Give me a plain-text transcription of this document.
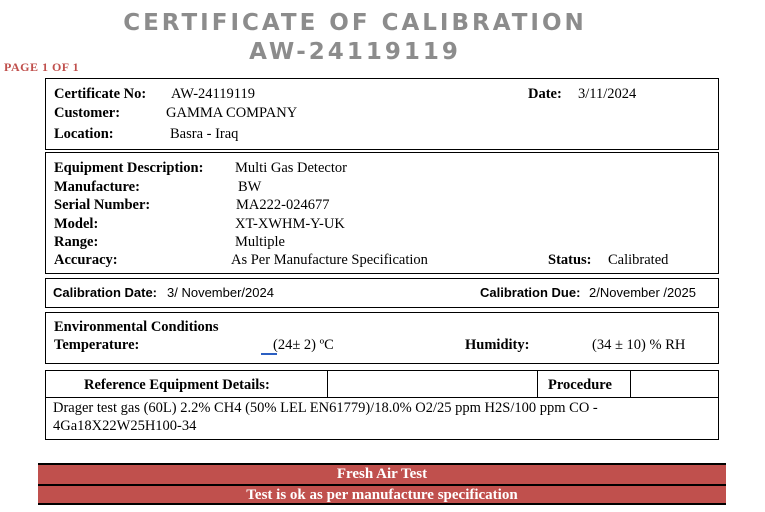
CERTIFICATE OF CALIBRATION
AW-24119119
PAGE 1 OF 1
Certificate No: AW-24119119	Date: 3/11/2024
Customer:	GAMMA COMPANY
Location:	Basra - Iraq
Equipment Description: Multi Gas Detector
Manufacture:	BW
Serial Number:	MA222-024677
Model:	XT-XWHM-Y-UK
Range:	Multiple
Accuracy:	As Per Manufacture Specification	Status: Calibrated
Calibration Date: 3/ November/2024	Calibration Due: 2/November /2025
Environmental Conditions
Temperature:	(24± 2) ºC	Humidity:	(34 ± 10) % RH
Reference Equipment Details:	Procedure
Drager test gas (60L) 2.2% CH4 (50% LEL EN61779)/18.0% O2/25 ppm H2S/100 ppm CO -
4Ga18X22W25H100-34
Fresh Air Test
Test is ok as per manufacture specification
